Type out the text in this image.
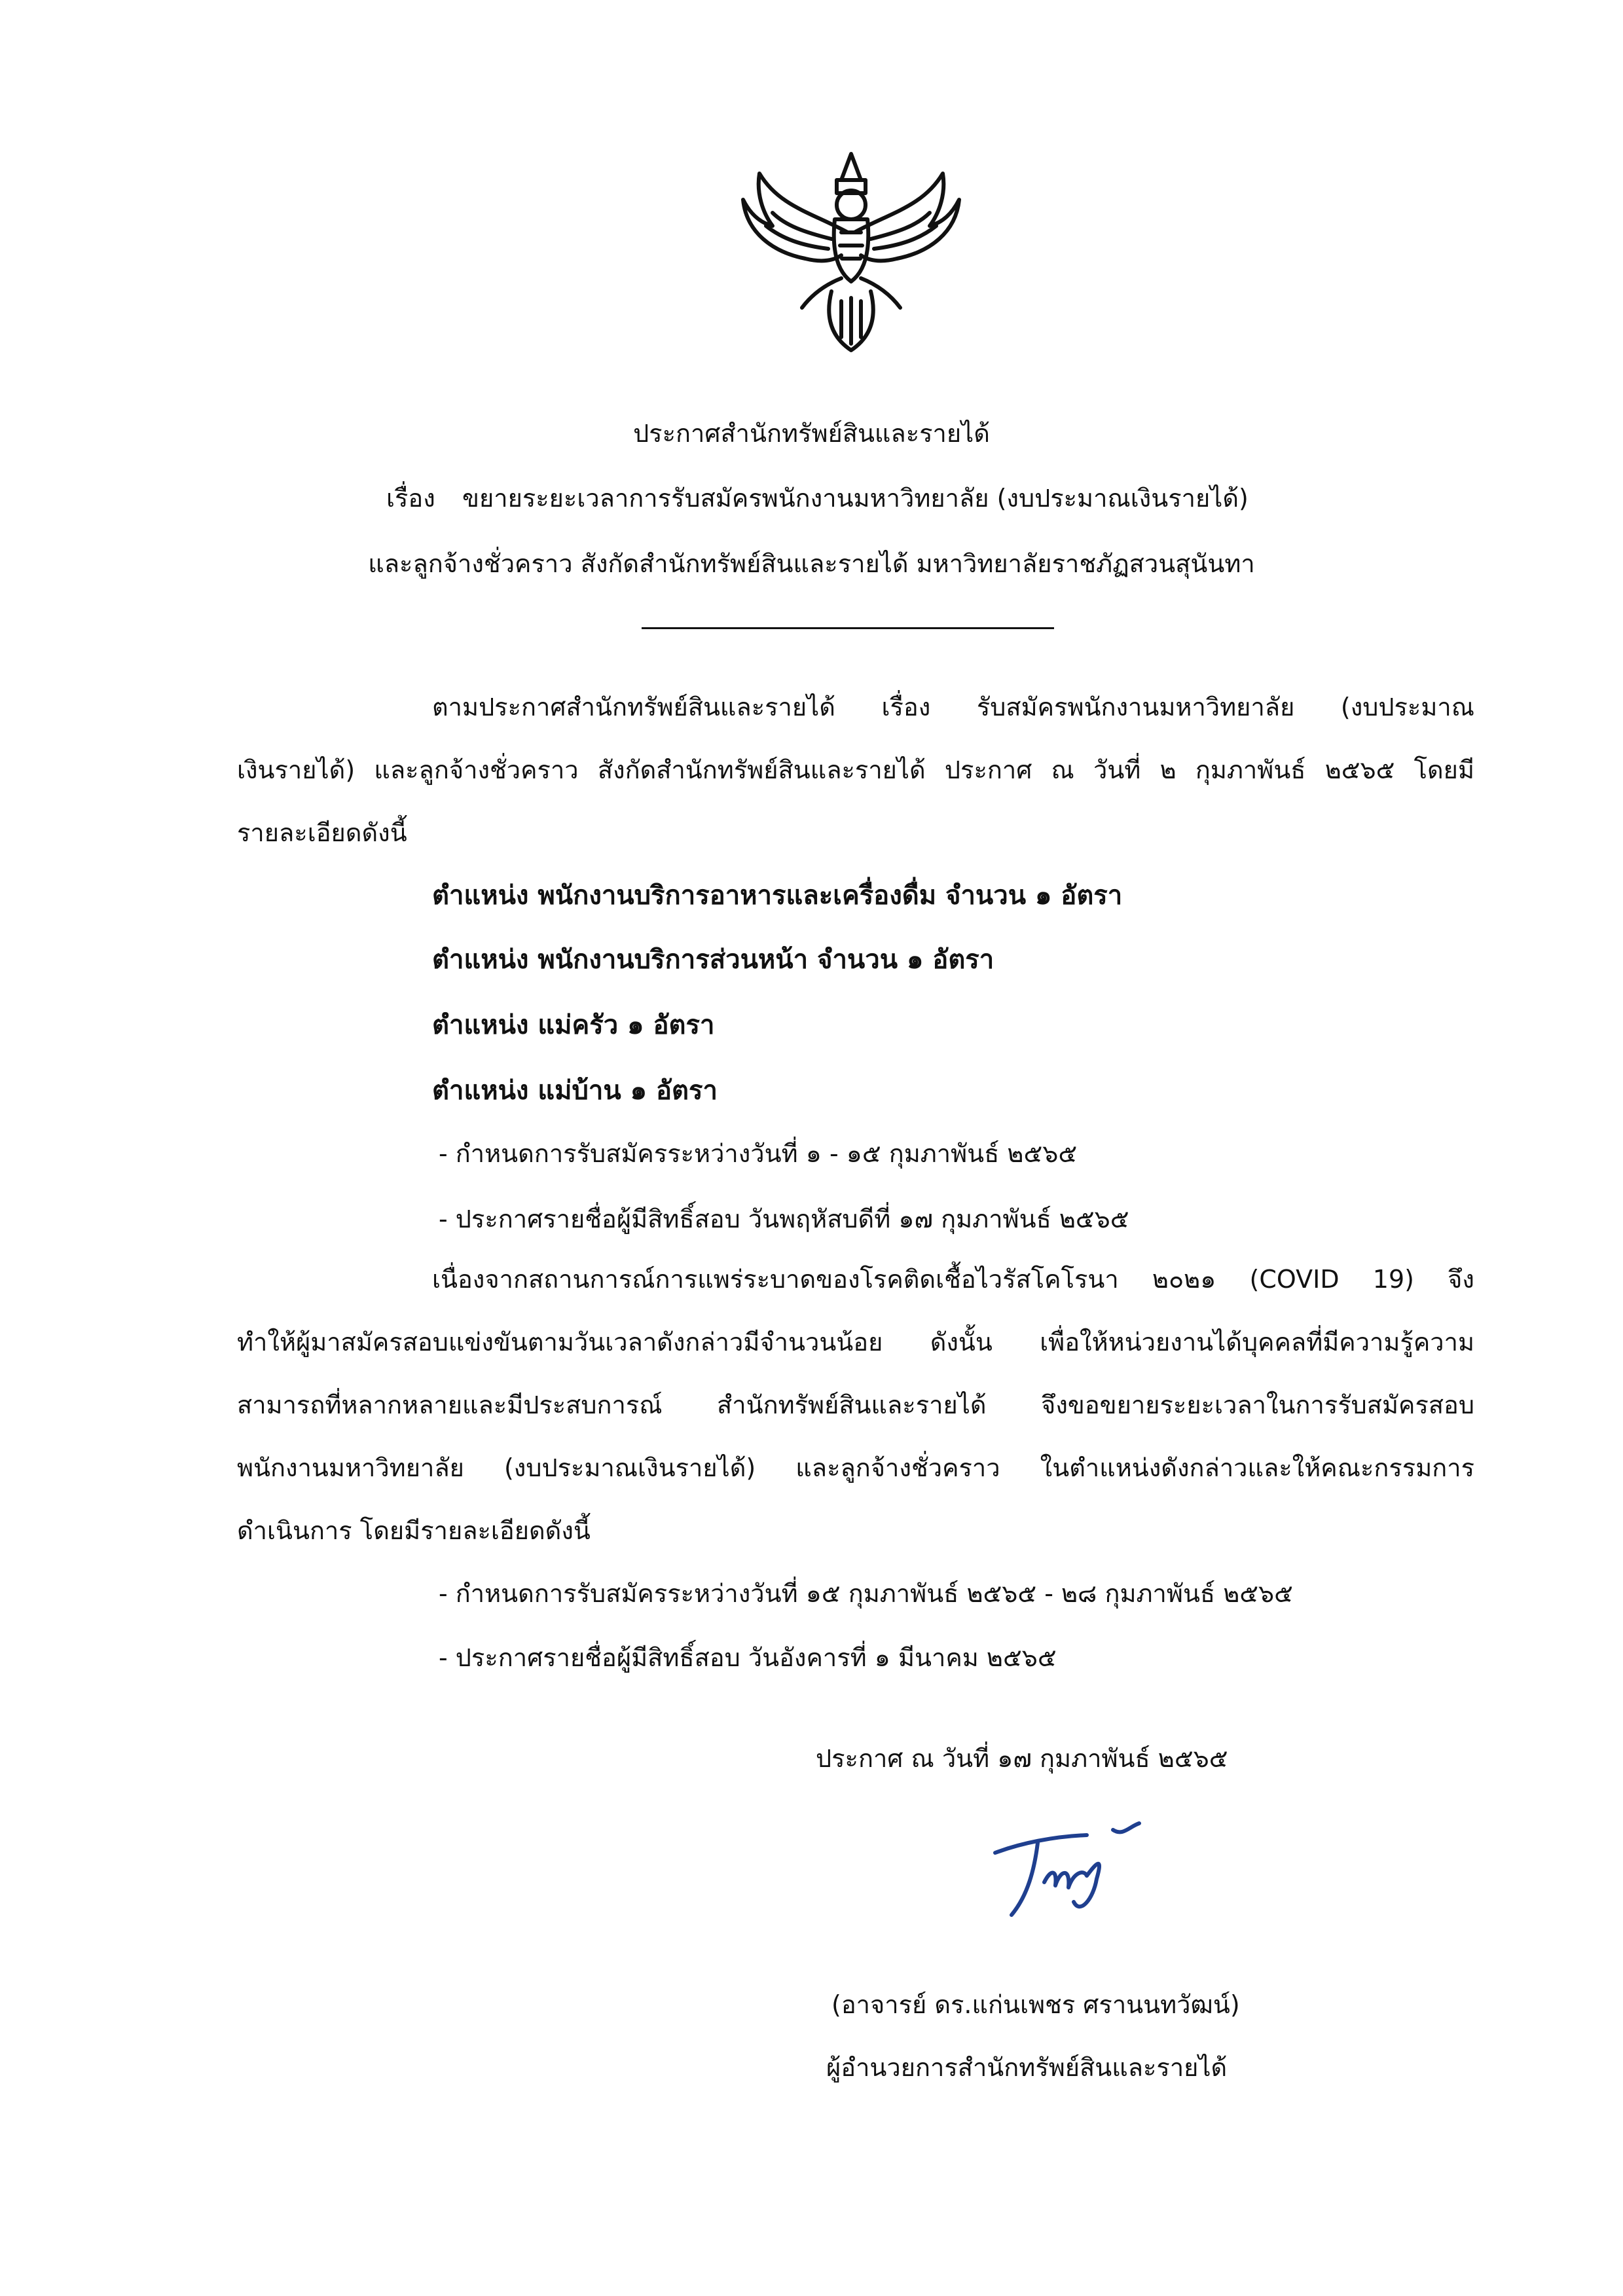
ประกาศสำนักทรัพย์สินและรายได้
เรื่อง ขยายระยะเวลาการรับสมัครพนักงานมหาวิทยาลัย (งบประมาณเงินรายได้)
และลูกจ้างชั่วคราว สังกัดสำนักทรัพย์สินและรายได้ มหาวิทยาลัยราชภัฏสวนสุนันทา
ตามประกาศสำนักทรัพย์สินและรายได้ เรื่อง รับสมัครพนักงานมหาวิทยาลัย (งบประมาณ
เงินรายได้) และลูกจ้างชั่วคราว สังกัดสำนักทรัพย์สินและรายได้ ประกาศ ณ วันที่ ๒ กุมภาพันธ์ ๒๕๖๕ โดยมี
รายละเอียดดังนี้
ตำแหน่ง พนักงานบริการอาหารและเครื่องดื่ม จำนวน ๑ อัตรา
ตำแหน่ง พนักงานบริการส่วนหน้า จำนวน ๑ อัตรา
ตำแหน่ง แม่ครัว ๑ อัตรา
ตำแหน่ง แม่บ้าน ๑ อัตรา
- กำหนดการรับสมัครระหว่างวันที่ ๑ - ๑๕ กุมภาพันธ์ ๒๕๖๕
- ประกาศรายชื่อผู้มีสิทธิ์สอบ วันพฤหัสบดีที่ ๑๗ กุมภาพันธ์ ๒๕๖๕
เนื่องจากสถานการณ์การแพร่ระบาดของโรคติดเชื้อไวรัสโคโรนา ๒๐๒๑ (COVID 19) จึง
ทำให้ผู้มาสมัครสอบแข่งขันตามวันเวลาดังกล่าวมีจำนวนน้อย ดังนั้น เพื่อให้หน่วยงานได้บุคคลที่มีความรู้ความ
สามารถที่หลากหลายและมีประสบการณ์ สำนักทรัพย์สินและรายได้ จึงขอขยายระยะเวลาในการรับสมัครสอบ
พนักงานมหาวิทยาลัย (งบประมาณเงินรายได้) และลูกจ้างชั่วคราว ในตำแหน่งดังกล่าวและให้คณะกรรมการ
ดำเนินการ โดยมีรายละเอียดดังนี้
- กำหนดการรับสมัครระหว่างวันที่ ๑๕ กุมภาพันธ์ ๒๕๖๕ - ๒๘ กุมภาพันธ์ ๒๕๖๕
- ประกาศรายชื่อผู้มีสิทธิ์สอบ วันอังคารที่ ๑ มีนาคม ๒๕๖๕
ประกาศ ณ วันที่ ๑๗ กุมภาพันธ์ ๒๕๖๕
(อาจารย์ ดร.แก่นเพชร ศรานนทวัฒน์)
ผู้อำนวยการสำนักทรัพย์สินและรายได้
